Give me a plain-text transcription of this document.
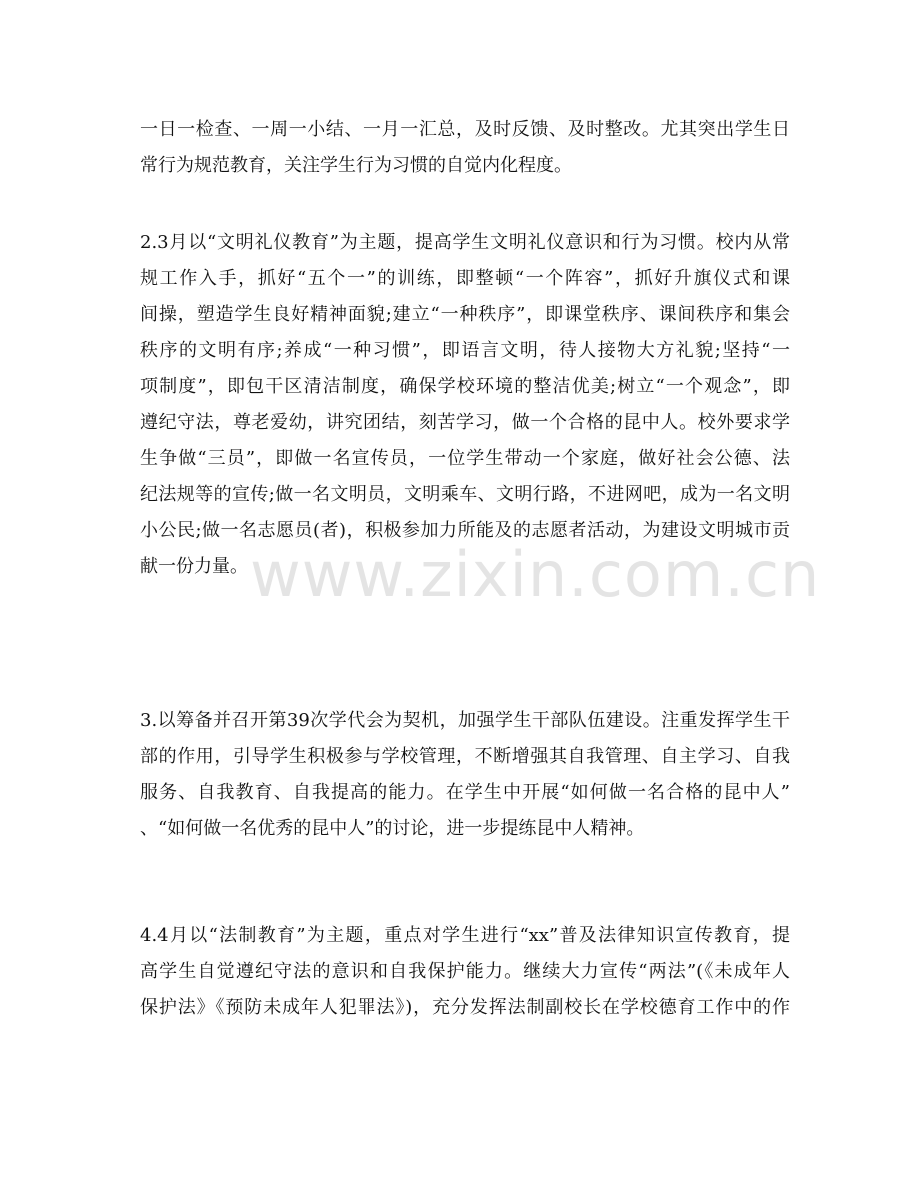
一日一检查、一周一小结、一月一汇总，及时反馈、及时整改。尤其突出学生日
常行为规范教育，关注学生行为习惯的自觉内化程度。
2.3月以“文明礼仪教育”为主题，提高学生文明礼仪意识和行为习惯。校内从常
规工作入手，抓好“五个一”的训练，即整顿“一个阵容”，抓好升旗仪式和课
间操，塑造学生良好精神面貌;建立“一种秩序”，即课堂秩序、课间秩序和集会
秩序的文明有序;养成“一种习惯”，即语言文明，待人接物大方礼貌;坚持“一
项制度”，即包干区清洁制度，确保学校环境的整洁优美;树立“一个观念”，即
遵纪守法，尊老爱幼，讲究团结，刻苦学习，做一个合格的昆中人。校外要求学
生争做“三员”，即做一名宣传员，一位学生带动一个家庭，做好社会公德、法
纪法规等的宣传;做一名文明员，文明乘车、文明行路，不进网吧，成为一名文明
小公民;做一名志愿员(者)，积极参加力所能及的志愿者活动，为建设文明城市贡
献一份力量。
3.以筹备并召开第39次学代会为契机，加强学生干部队伍建设。注重发挥学生干
部的作用，引导学生积极参与学校管理，不断增强其自我管理、自主学习、自我
服务、自我教育、自我提高的能力。在学生中开展“如何做一名合格的昆中人”
、“如何做一名优秀的昆中人”的讨论，进一步提练昆中人精神。
4.4月以“法制教育”为主题，重点对学生进行“xx”普及法律知识宣传教育，提
高学生自觉遵纪守法的意识和自我保护能力。继续大力宣传“两法”(《未成年人
保护法》《预防未成年人犯罪法》)，充分发挥法制副校长在学校德育工作中的作
www.zixin.com.cn
